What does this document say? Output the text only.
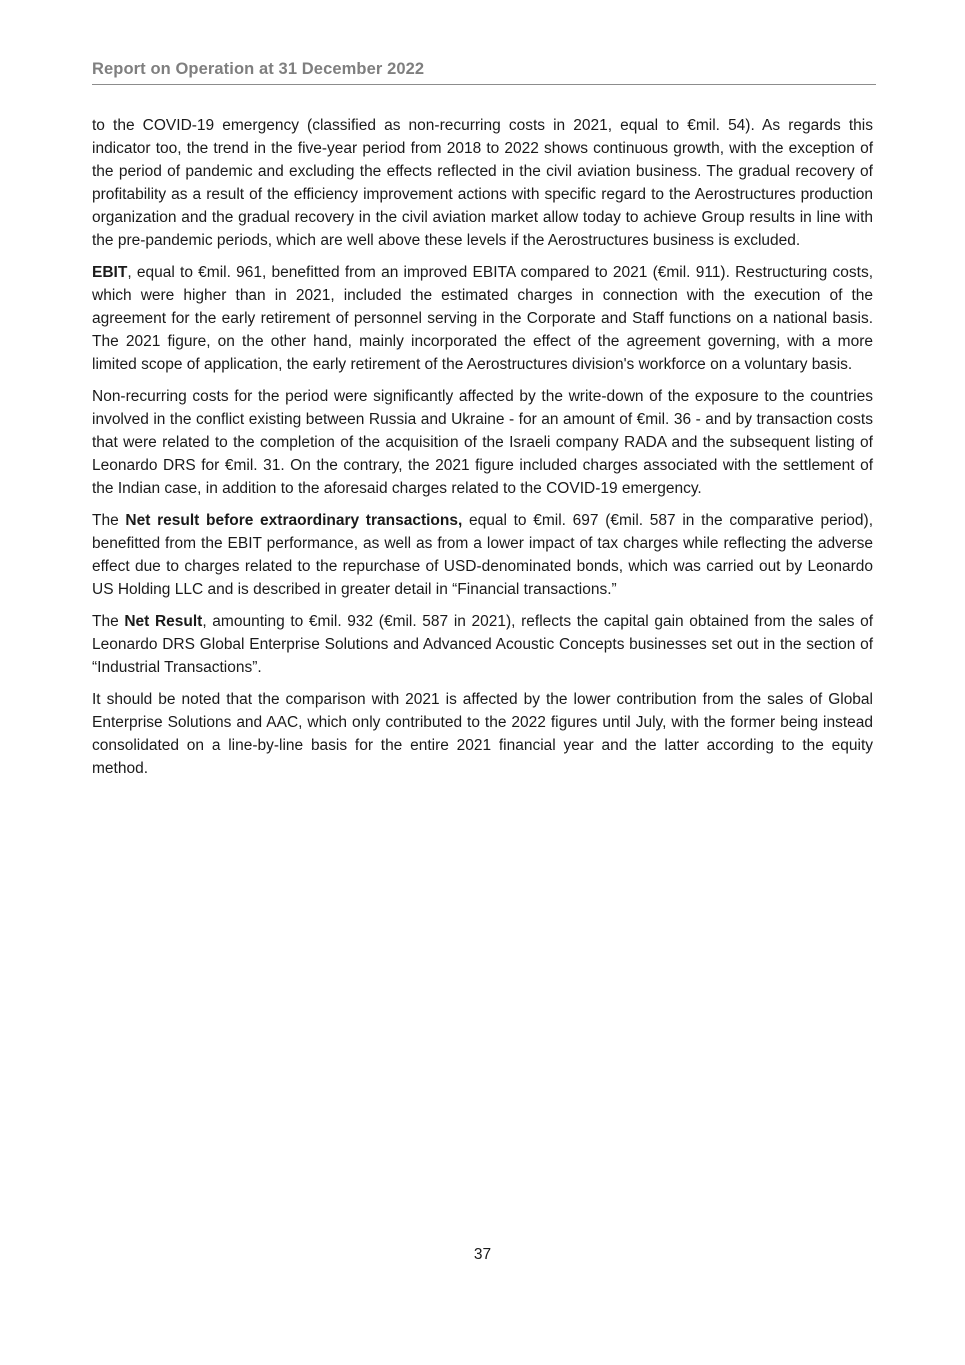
Report on Operation at 31 December 2022

to the COVID-19 emergency (classified as non-recurring costs in 2021, equal to €mil. 54). As regards this indicator too, the trend in the five-year period from 2018 to 2022 shows continuous growth, with the exception of the period of pandemic and excluding the effects reflected in the civil aviation business. The gradual recovery of profitability as a result of the efficiency improvement actions with specific regard to the Aerostructures production organization and the gradual recovery in the civil aviation market allow today to achieve Group results in line with the pre-pandemic periods, which are well above these levels if the Aerostructures business is excluded.

EBIT, equal to €mil. 961, benefitted from an improved EBITA compared to 2021 (€mil. 911). Restructuring costs, which were higher than in 2021, included the estimated charges in connection with the execution of the agreement for the early retirement of personnel serving in the Corporate and Staff functions on a national basis. The 2021 figure, on the other hand, mainly incorporated the effect of the agreement governing, with a more limited scope of application, the early retirement of the Aerostructures division's workforce on a voluntary basis.

Non-recurring costs for the period were significantly affected by the write-down of the exposure to the countries involved in the conflict existing between Russia and Ukraine - for an amount of €mil. 36 - and by transaction costs that were related to the completion of the acquisition of the Israeli company RADA and the subsequent listing of Leonardo DRS for €mil. 31. On the contrary, the 2021 figure included charges associated with the settlement of the Indian case, in addition to the aforesaid charges related to the COVID-19 emergency.

The Net result before extraordinary transactions, equal to €mil. 697 (€mil. 587 in the comparative period), benefitted from the EBIT performance, as well as from a lower impact of tax charges while reflecting the adverse effect due to charges related to the repurchase of USD-denominated bonds, which was carried out by Leonardo US Holding LLC and is described in greater detail in “Financial transactions.”

The Net Result, amounting to €mil. 932 (€mil. 587 in 2021), reflects the capital gain obtained from the sales of Leonardo DRS Global Enterprise Solutions and Advanced Acoustic Concepts businesses set out in the section of “Industrial Transactions”.

It should be noted that the comparison with 2021 is affected by the lower contribution from the sales of Global Enterprise Solutions and AAC, which only contributed to the 2022 figures until July, with the former being instead consolidated on a line-by-line basis for the entire 2021 financial year and the latter according to the equity method.

37
